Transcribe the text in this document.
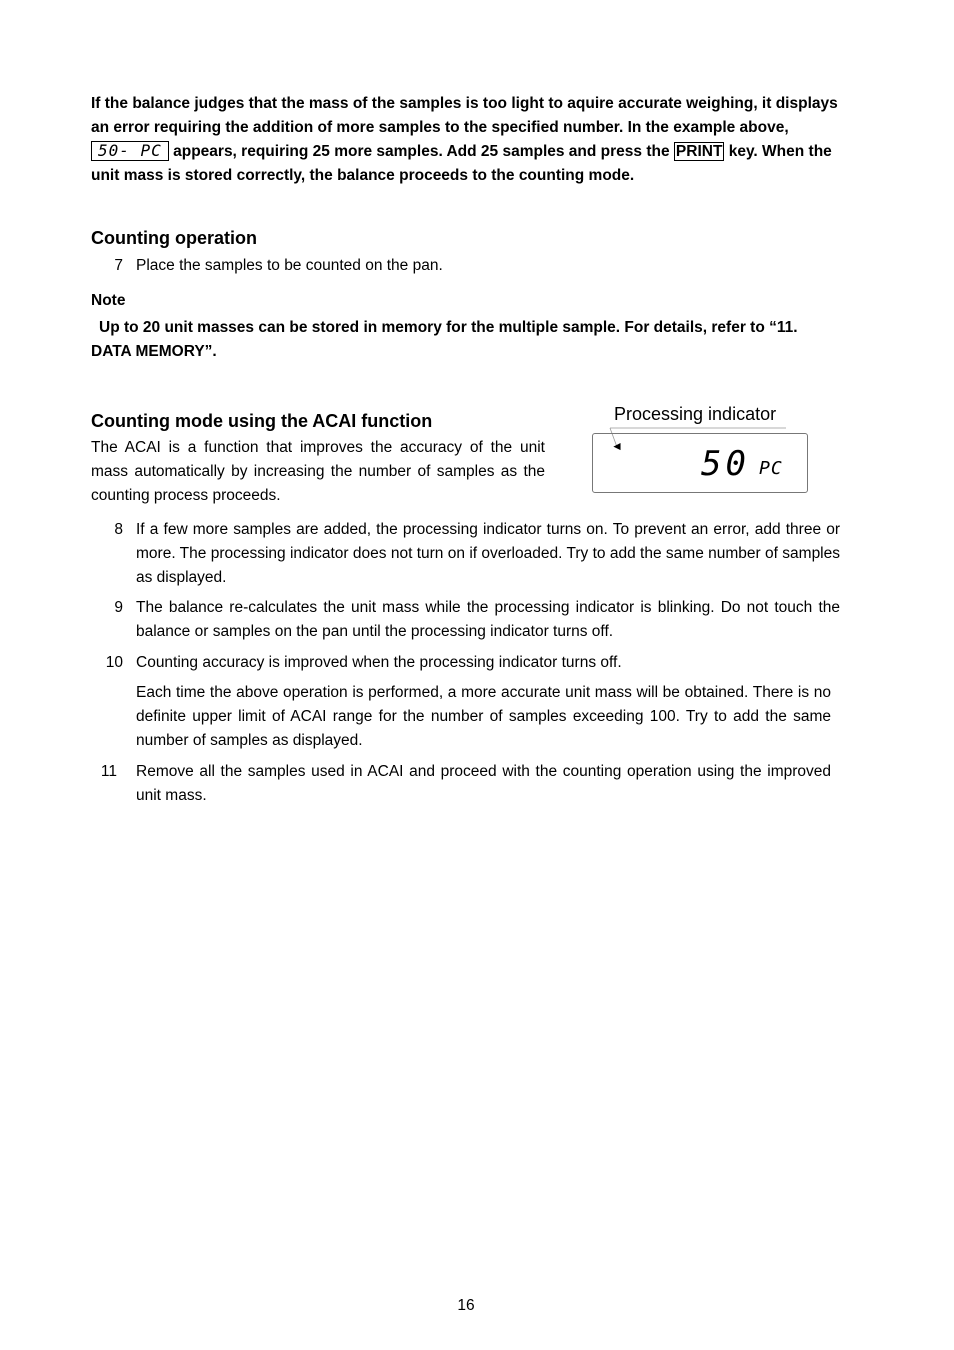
If the balance judges that the mass of the samples is too light to aquire accurate weighing, it displays an error requiring the addition of more samples to the specified number. In the example above, 50- PC appears, requiring 25 more samples. Add 25 samples and press the PRINT key. When the unit mass is stored correctly, the balance proceeds to the counting mode.
Counting operation
7 Place the samples to be counted on the pan.
Note
Up to 20 unit masses can be stored in memory for the multiple sample. For details, refer to “11. DATA MEMORY”.
Counting mode using the ACAI function
The ACAI is a function that improves the accuracy of the unit mass automatically by increasing the number of samples as the counting process proceeds.
Processing indicator
◄ 50 PC
8 If a few more samples are added, the processing indicator turns on. To prevent an error, add three or more. The processing indicator does not turn on if overloaded. Try to add the same number of samples as displayed.
9 The balance re-calculates the unit mass while the processing indicator is blinking. Do not touch the balance or samples on the pan until the processing indicator turns off.
10 Counting accuracy is improved when the processing indicator turns off.
Each time the above operation is performed, a more accurate unit mass will be obtained. There is no definite upper limit of ACAI range for the number of samples exceeding 100. Try to add the same number of samples as displayed.
11 Remove all the samples used in ACAI and proceed with the counting operation using the improved unit mass.
16
